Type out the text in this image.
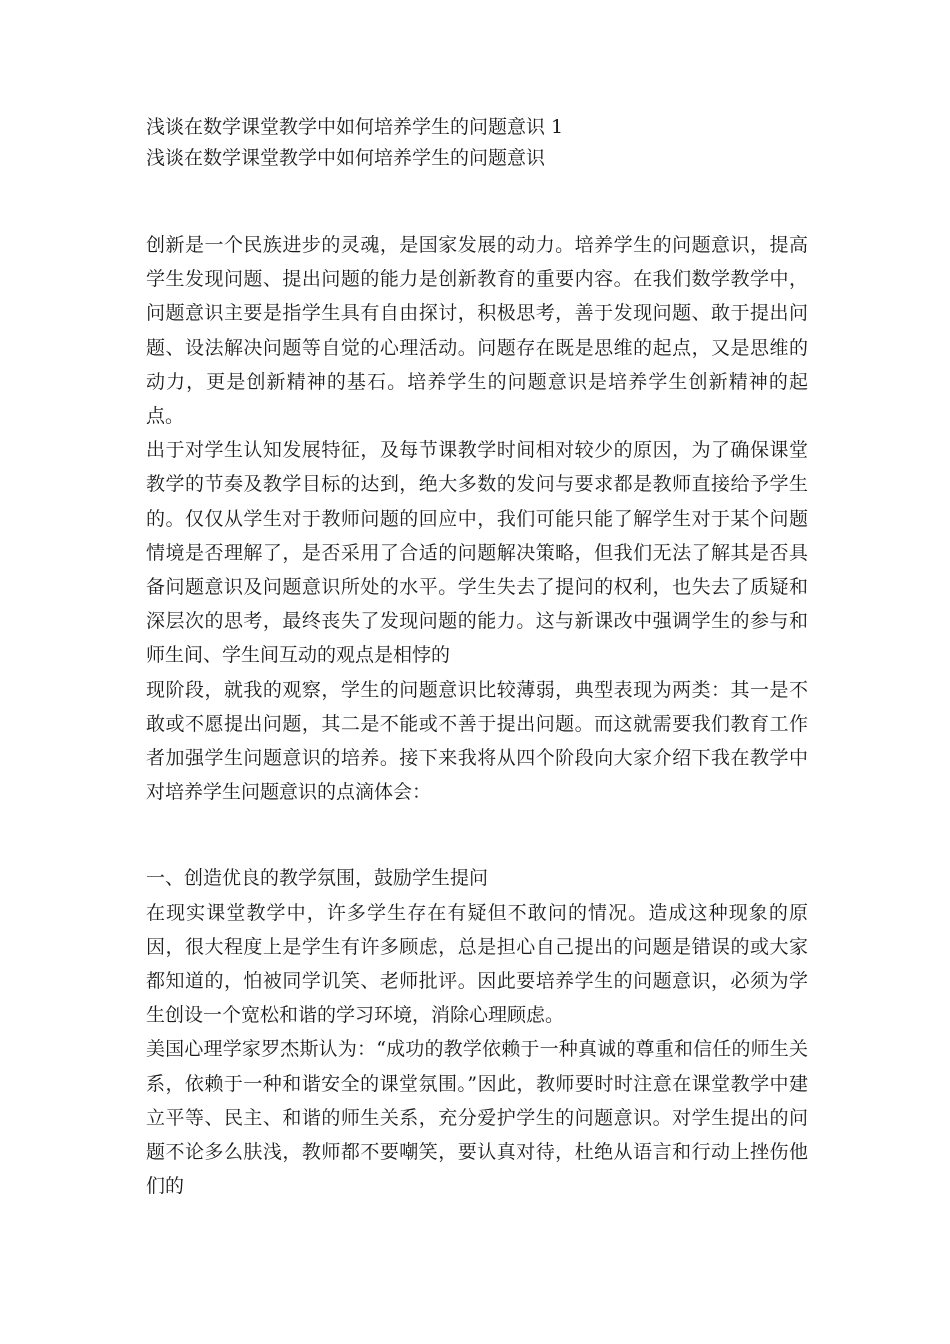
浅谈在数学课堂教学中如何培养学生的问题意识 1

浅谈在数学课堂教学中如何培养学生的问题意识

创新是一个民族进步的灵魂，是国家发展的动力。培养学生的问题意识，提高学生发现问题、提出问题的能力是创新教育的重要内容。在我们数学教学中，问题意识主要是指学生具有自由探讨，积极思考，善于发现问题、敢于提出问题、设法解决问题等自觉的心理活动。问题存在既是思维的起点，又是思维的动力，更是创新精神的基石。培养学生的问题意识是培养学生创新精神的起点。

出于对学生认知发展特征，及每节课教学时间相对较少的原因，为了确保课堂教学的节奏及教学目标的达到，绝大多数的发问与要求都是教师直接给予学生的。仅仅从学生对于教师问题的回应中，我们可能只能了解学生对于某个问题情境是否理解了，是否采用了合适的问题解决策略，但我们无法了解其是否具备问题意识及问题意识所处的水平。学生失去了提问的权利，也失去了质疑和深层次的思考，最终丧失了发现问题的能力。这与新课改中强调学生的参与和师生间、学生间互动的观点是相悖的

现阶段，就我的观察，学生的问题意识比较薄弱，典型表现为两类：其一是不敢或不愿提出问题，其二是不能或不善于提出问题。而这就需要我们教育工作者加强学生问题意识的培养。接下来我将从四个阶段向大家介绍下我在教学中对培养学生问题意识的点滴体会：

一、创造优良的教学氛围，鼓励学生提问

在现实课堂教学中，许多学生存在有疑但不敢问的情况。造成这种现象的原因，很大程度上是学生有许多顾虑，总是担心自己提出的问题是错误的或大家都知道的，怕被同学讥笑、老师批评。因此要培养学生的问题意识，必须为学生创设一个宽松和谐的学习环境，消除心理顾虑。

美国心理学家罗杰斯认为：“成功的教学依赖于一种真诚的尊重和信任的师生关系，依赖于一种和谐安全的课堂氛围。”因此，教师要时时注意在课堂教学中建立平等、民主、和谐的师生关系，充分爱护学生的问题意识。对学生提出的问题不论多么肤浅，教师都不要嘲笑，要认真对待，杜绝从语言和行动上挫伤他们的
